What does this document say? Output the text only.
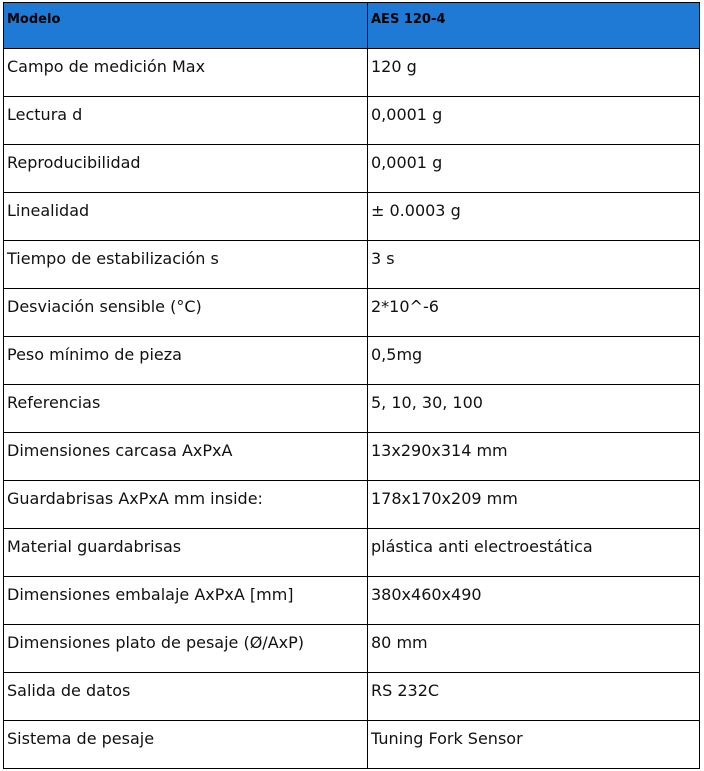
Modelo	AES 120-4
Campo de medición Max	120 g
Lectura d	0,0001 g
Reproducibilidad	0,0001 g
Linealidad	± 0.0003 g
Tiempo de estabilización s	3 s
Desviación sensible (°C)	2*10^-6
Peso mínimo de pieza	0,5mg
Referencias	5, 10, 30, 100
Dimensiones carcasa AxPxA	13x290x314 mm
Guardabrisas AxPxA mm inside:	178x170x209 mm
Material guardabrisas	plástica anti electroestática
Dimensiones embalaje AxPxA [mm]	380x460x490
Dimensiones plato de pesaje (Ø/AxP)	80 mm
Salida de datos	RS 232C
Sistema de pesaje	Tuning Fork Sensor
